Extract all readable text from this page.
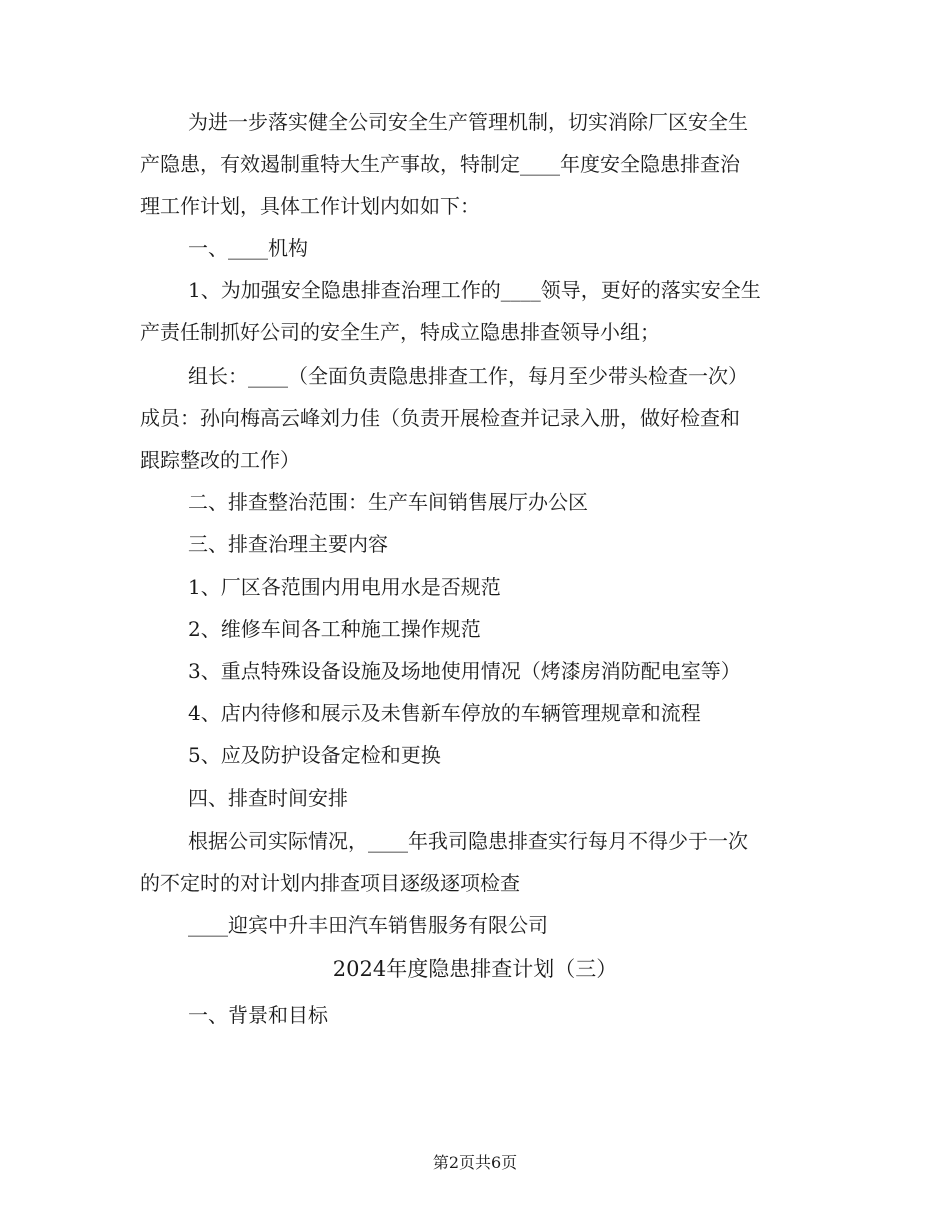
为进一步落实健全公司安全生产管理机制，切实消除厂区安全生

产隐患，有效遏制重特大生产事故，特制定____年度安全隐患排查治

理工作计划，具体工作计划内如如下：

一、____机构

1、为加强安全隐患排查治理工作的____领导，更好的落实安全生

产责任制抓好公司的安全生产，特成立隐患排查领导小组；

组长：____（全面负责隐患排查工作，每月至少带头检查一次）

成员：孙向梅高云峰刘力佳（负责开展检查并记录入册，做好检查和

跟踪整改的工作）

二、排查整治范围：生产车间销售展厅办公区

三、排查治理主要内容

1、厂区各范围内用电用水是否规范

2、维修车间各工种施工操作规范

3、重点特殊设备设施及场地使用情况（烤漆房消防配电室等）

4、店内待修和展示及未售新车停放的车辆管理规章和流程

5、应及防护设备定检和更换

四、排查时间安排

根据公司实际情况，____年我司隐患排查实行每月不得少于一次

的不定时的对计划内排查项目逐级逐项检查

____迎宾中升丰田汽车销售服务有限公司

2024年度隐患排查计划（三）

一、背景和目标

第2页共6页
